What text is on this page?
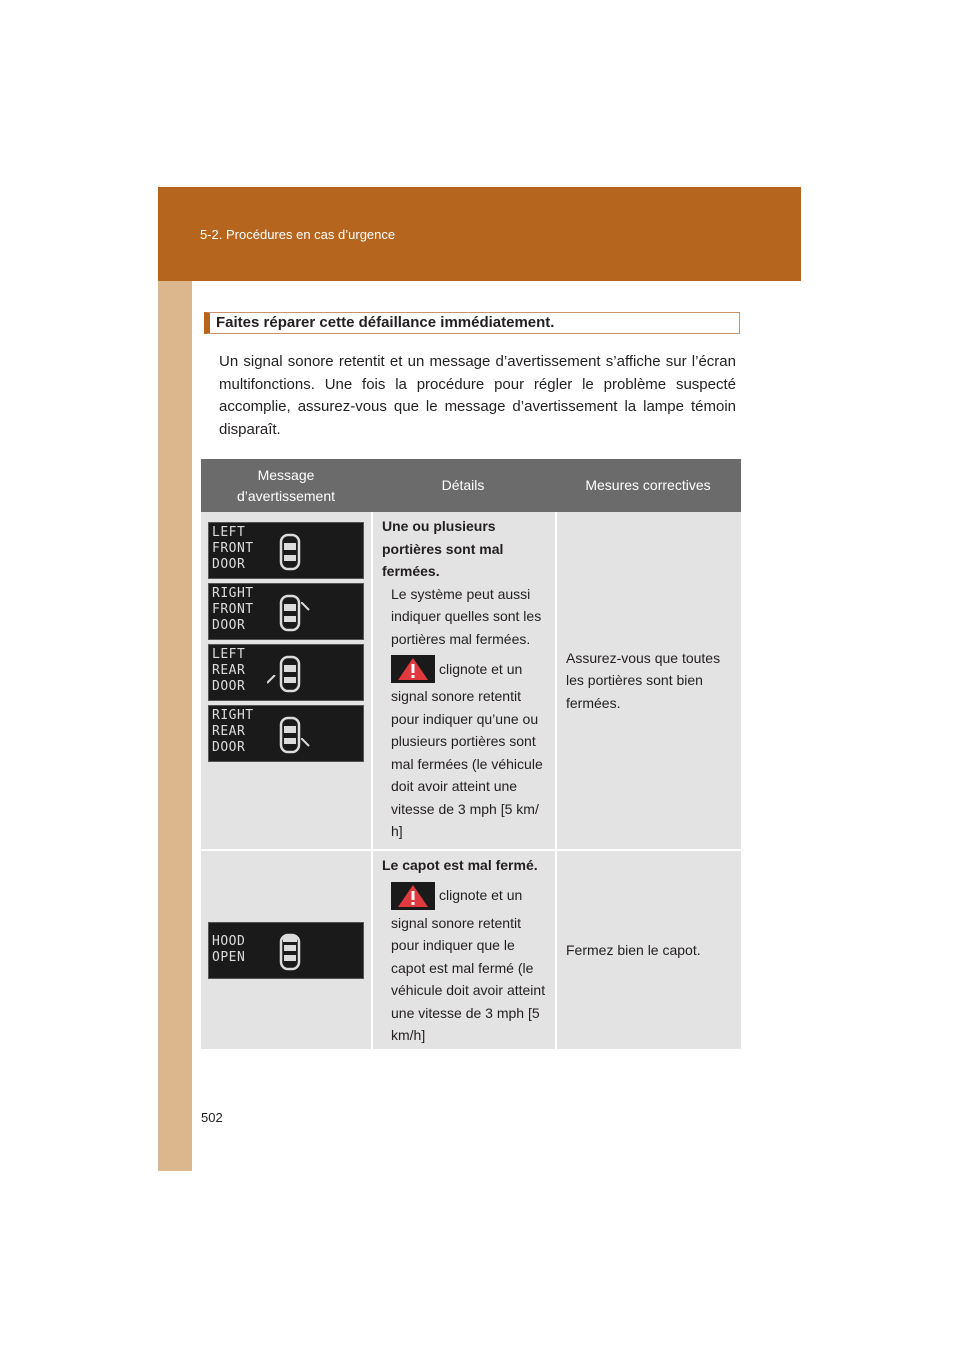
5-2. Procédures en cas d’urgence
Faites réparer cette défaillance immédiatement.

Un signal sonore retentit et un message d’avertissement s’affiche sur l’écran multifonctions. Une fois la procédure pour régler le problème suspecté accomplie, assurez-vous que le message d’avertissement la lampe témoin disparaît.

Message
d’avertissement
Détails	Mesures correctives
LEFT
FRONT
DOOR
RIGHT
FRONT
DOOR
LEFT
REAR
DOOR
RIGHT
REAR
DOOR
Une ou plusieurs portières sont mal fermées.
Le système peut aussi indiquer quelles sont les portières mal fermées.
clignote et un
signal sonore retentit pour indiquer qu’une ou plusieurs portières sont mal fermées (le véhicule doit avoir atteint une vitesse de 3 mph [5 km/ h]
Assurez-vous que toutes les portières sont bien fermées.
HOOD
OPEN
Le capot est mal fermé.
clignote et un
signal sonore retentit pour indiquer que le capot est mal fermé (le véhicule doit avoir atteint une vitesse de 3 mph [5 km/h]
Fermez bien le capot.
502
